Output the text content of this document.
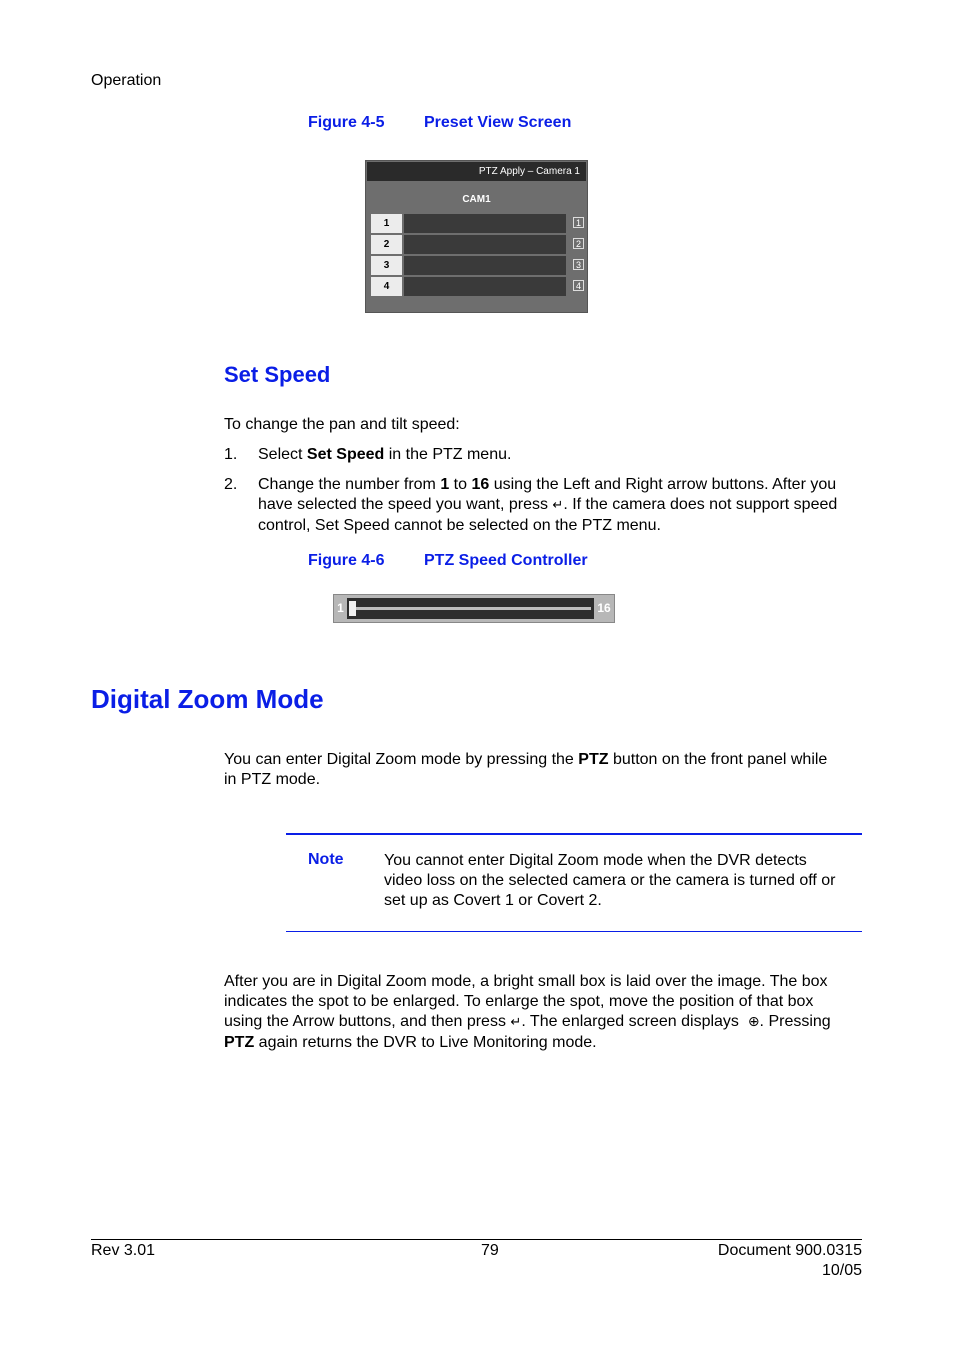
Operation
Figure 4-5 Preset View Screen
PTZ Apply – Camera 1
CAM1
1
2
3
4
1
2
3
4
Set Speed
To change the pan and tilt speed:
1. Select Set Speed in the PTZ menu.
2. Change the number from 1 to 16 using the Left and Right arrow buttons. After you
have selected the speed you want, press ↵. If the camera does not support speed
control, Set Speed cannot be selected on the PTZ menu.
Figure 4-6 PTZ Speed Controller
1	16
Digital Zoom Mode
You can enter Digital Zoom mode by pressing the PTZ button on the front panel while
in PTZ mode.
Note	You cannot enter Digital Zoom mode when the DVR detects
video loss on the selected camera or the camera is turned off or
set up as Covert 1 or Covert 2.
After you are in Digital Zoom mode, a bright small box is laid over the image. The box
indicates the spot to be enlarged. To enlarge the spot, move the position of that box
using the Arrow buttons, and then press ↵. The enlarged screen displays ⊕. Pressing
PTZ again returns the DVR to Live Monitoring mode.
Rev 3.01	79	Document 900.0315
10/05
